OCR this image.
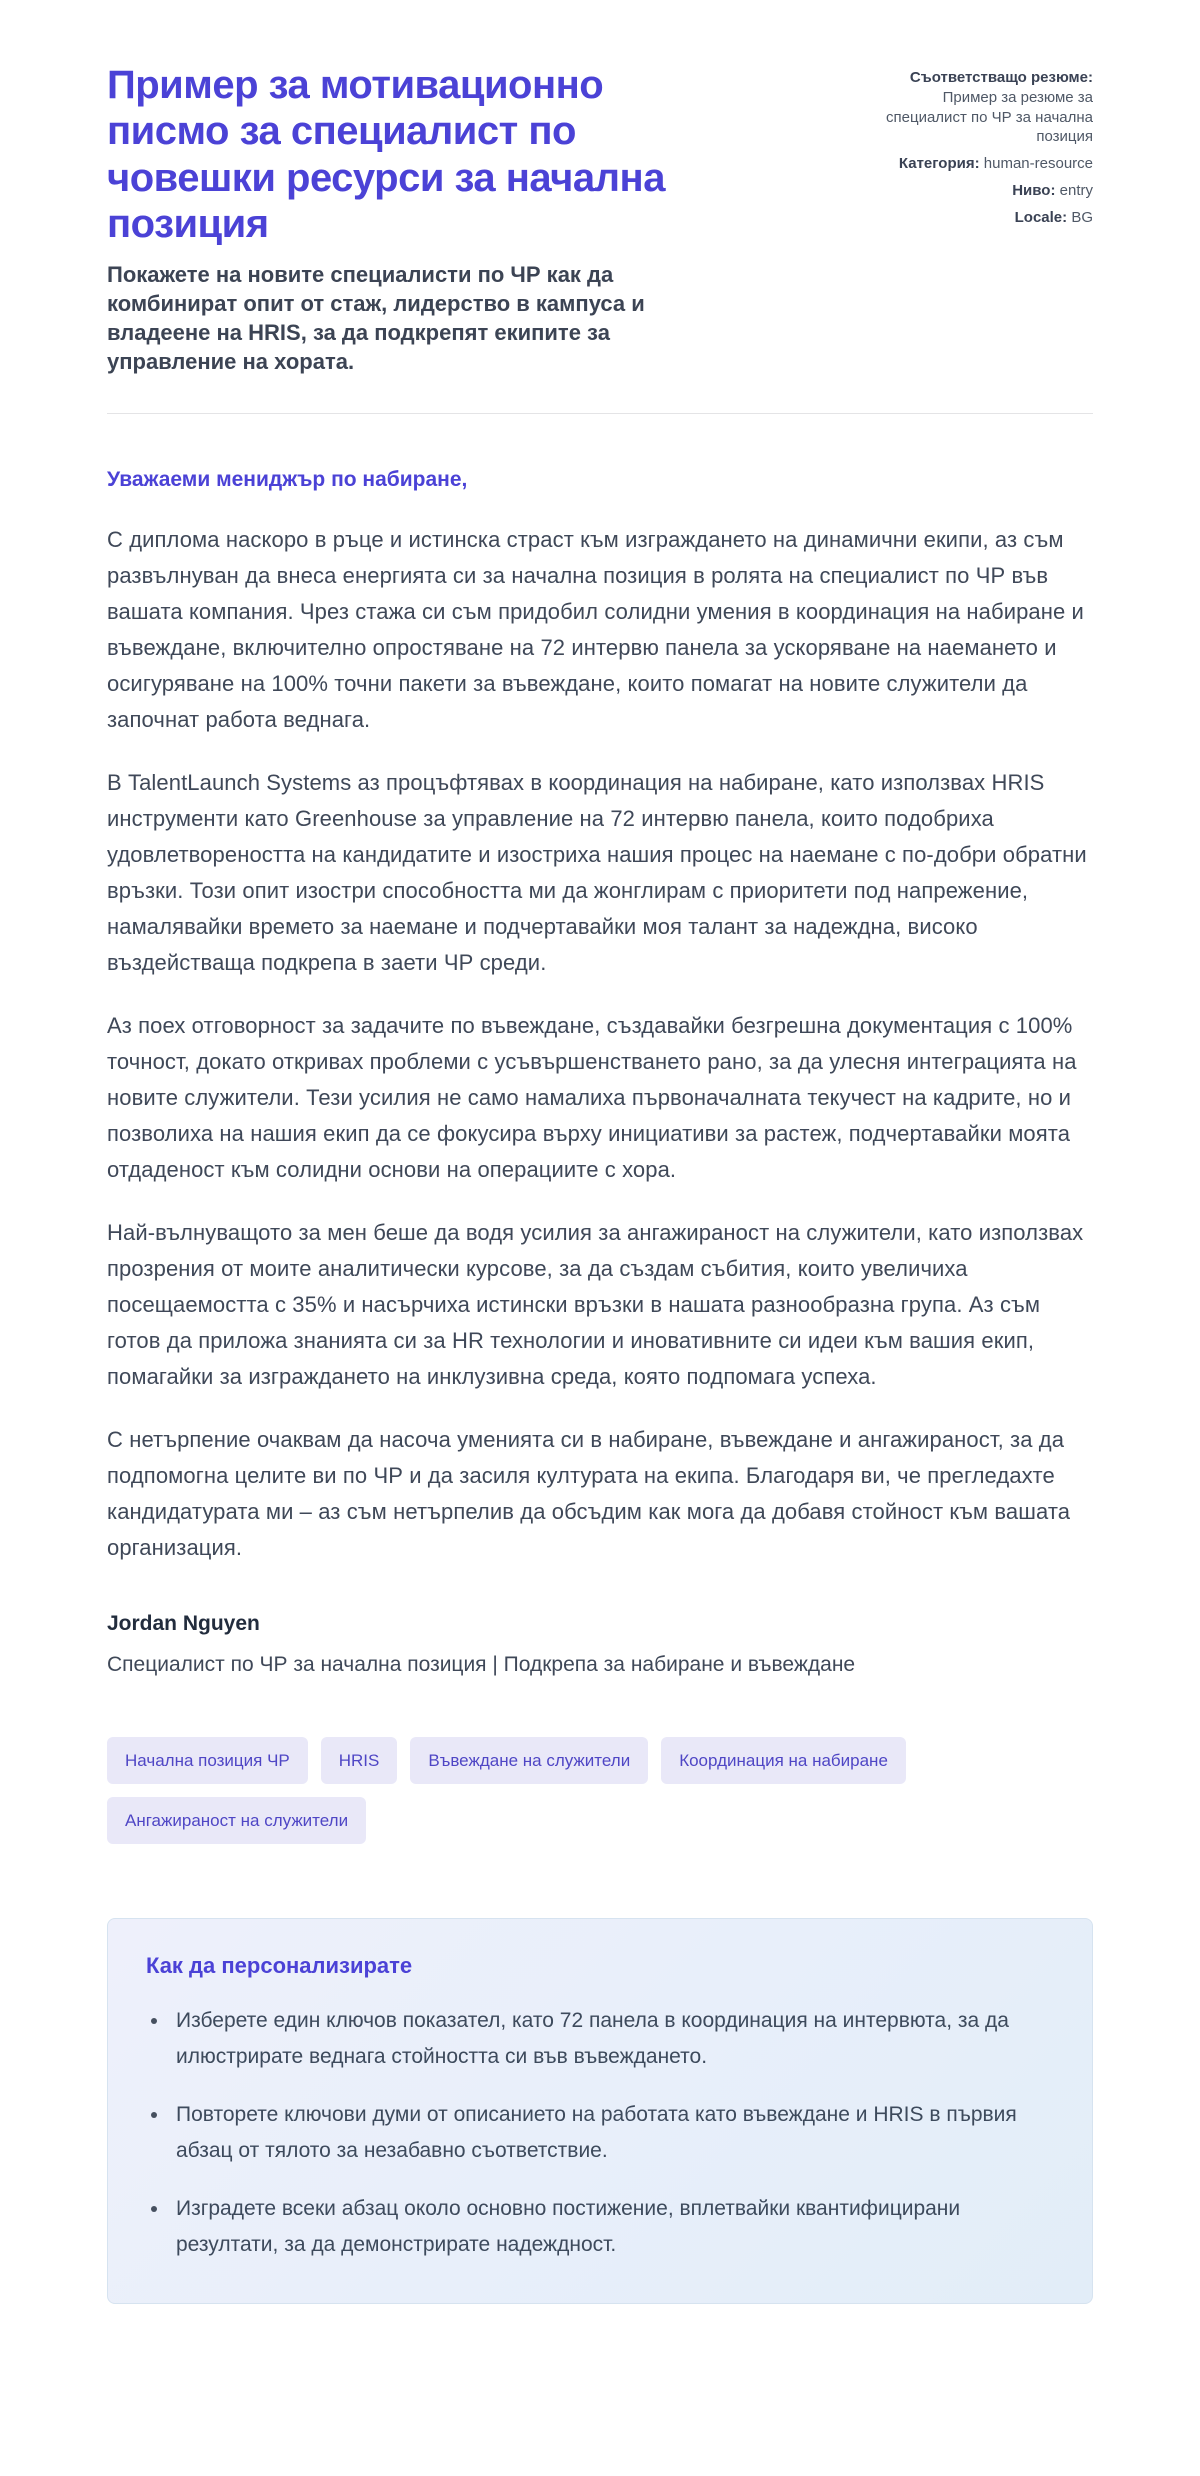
Пример за мотивационно писмо за специалист по човешки ресурси за начална позиция

Покажете на новите специалисти по ЧР как да комбинират опит от стаж, лидерство в кампуса и владеене на HRIS, за да подкрепят екипите за управление на хората.

Съответстващо резюме: Пример за резюме за специалист по ЧР за начална позиция
Категория: human-resource
Ниво: entry
Locale: BG

Уважаеми мениджър по набиране,

С диплома наскоро в ръце и истинска страст към изграждането на динамични екипи, аз съм развълнуван да внеса енергията си за начална позиция в ролята на специалист по ЧР във вашата компания. Чрез стажа си съм придобил солидни умения в координация на набиране и въвеждане, включително опростяване на 72 интервю панела за ускоряване на наемането и осигуряване на 100% точни пакети за въвеждане, които помагат на новите служители да започнат работа веднага.

В TalentLaunch Systems аз процъфтявах в координация на набиране, като използвах HRIS инструменти като Greenhouse за управление на 72 интервю панела, които подобриха удовлетвореността на кандидатите и изостриха нашия процес на наемане с по-добри обратни връзки. Този опит изостри способността ми да жонглирам с приоритети под напрежение, намалявайки времето за наемане и подчертавайки моя талант за надеждна, високо въздействаща подкрепа в заети ЧР среди.

Аз поех отговорност за задачите по въвеждане, създавайки безгрешна документация с 100% точност, докато откривах проблеми с усъвършенстването рано, за да улесня интеграцията на новите служители. Тези усилия не само намалиха първоначалната текучест на кадрите, но и позволиха на нашия екип да се фокусира върху инициативи за растеж, подчертавайки моята отдаденост към солидни основи на операциите с хора.

Най-вълнуващото за мен беше да водя усилия за ангажираност на служители, като използвах прозрения от моите аналитически курсове, за да създам събития, които увеличиха посещаемостта с 35% и насърчиха истински връзки в нашата разнообразна група. Аз съм готов да приложа знанията си за HR технологии и иновативните си идеи към вашия екип, помагайки за изграждането на инклузивна среда, която подпомага успеха.

С нетърпение очаквам да насоча уменията си в набиране, въвеждане и ангажираност, за да подпомогна целите ви по ЧР и да засиля културата на екипа. Благодаря ви, че прегледахте кандидатурата ми – аз съм нетърпелив да обсъдим как мога да добавя стойност към вашата организация.

Jordan Nguyen

Специалист по ЧР за начална позиция | Подкрепа за набиране и въвеждане

Начална позиция ЧР	HRIS	Въвеждане на служители	Координация на набиране
Ангажираност на служители
Как да персонализирате
• Изберете един ключов показател, като 72 панела в координация на интервюта, за да илюстрирате веднага стойността си във въвеждането.
• Повторете ключови думи от описанието на работата като въвеждане и HRIS в първия абзац от тялото за незабавно съответствие.
• Изградете всеки абзац около основно постижение, вплетвайки квантифицирани резултати, за да демонстрирате надеждност.
